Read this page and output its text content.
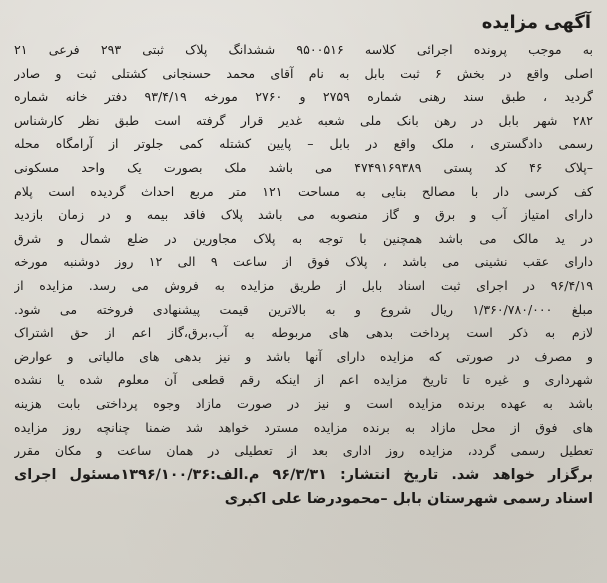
آگهی مزایده
به موجب پرونده اجرائی کلاسه ۹۵۰۰۵۱۶ ششدانگ پلاک ثبتی ۲۹۳ فرعی ۲۱
اصلی واقع در بخش ۶ ثبت بابل به نام آقای محمد حسنجانی کشتلی ثبت و صادر
گردید ، طبق سند رهنی شماره ۲۷۵۹ و ۲۷۶۰ مورخه ۹۳/۴/۱۹ دفتر خانه شماره
۲۸۲ شهر بابل در رهن بانک ملی شعبه غدیر قرار گرفته است طبق نظر کارشناس
رسمی دادگستری ، ملک واقع در بابل – پایین کشتله کمی جلوتر از آرامگاه محله
–پلاک ۴۶ کد پستی ۴۷۴۹۱۶۹۳۸۹ می باشد ملک بصورت یک واحد مسکونی
کف کرسی دار با مصالح بنایی به مساحت ۱۲۱ متر مربع احداث گردیده است پلام
دارای امتیاز آب و برق و گاز منصوبه می باشد پلاک فاقد بیمه و در زمان بازدید
در ید مالک می باشد همچنین با توجه به پلاک مجاورین در ضلع شمال و شرق
دارای عقب نشینی می باشد ، پلاک فوق از ساعت ۹ الی ۱۲ روز دوشنبه مورخه
۹۶/۴/۱۹ در اجرای ثبت اسناد بابل از طریق مزایده به فروش می رسد. مزایده از
مبلغ ۱/۳۶۰/۷۸۰/۰۰۰ ریال شروع و به بالاترین قیمت پیشنهادی فروخته می شود.
لازم به ذکر است پرداخت بدهی های مربوطه به آب،برق،گاز اعم از حق اشتراک
و مصرف در صورتی که مزایده دارای آنها باشد و نیز بدهی های مالیاتی و عوارض
شهرداری و غیره تا تاریخ مزایده اعم از اینکه رقم قطعی آن معلوم شده یا نشده
باشد به عهده برنده مزایده است و نیز در صورت مازاد وجوه پرداختی بابت هزینه
های فوق از محل مازاد به برنده مزایده مسترد خواهد شد ضمنا چنانچه روز مزایده
تعطیل رسمی گردد، مزایده روز اداری بعد از تعطیلی در همان ساعت و مکان مقرر
برگزار خواهد شد. تاریخ انتشار: ۹۶/۳/۳۱ م.الف:۱۳۹۶/۱۰۰/۳۶مسئول اجرای
اسناد رسمی شهرستان بابل –محمودرضا علی اکبری
